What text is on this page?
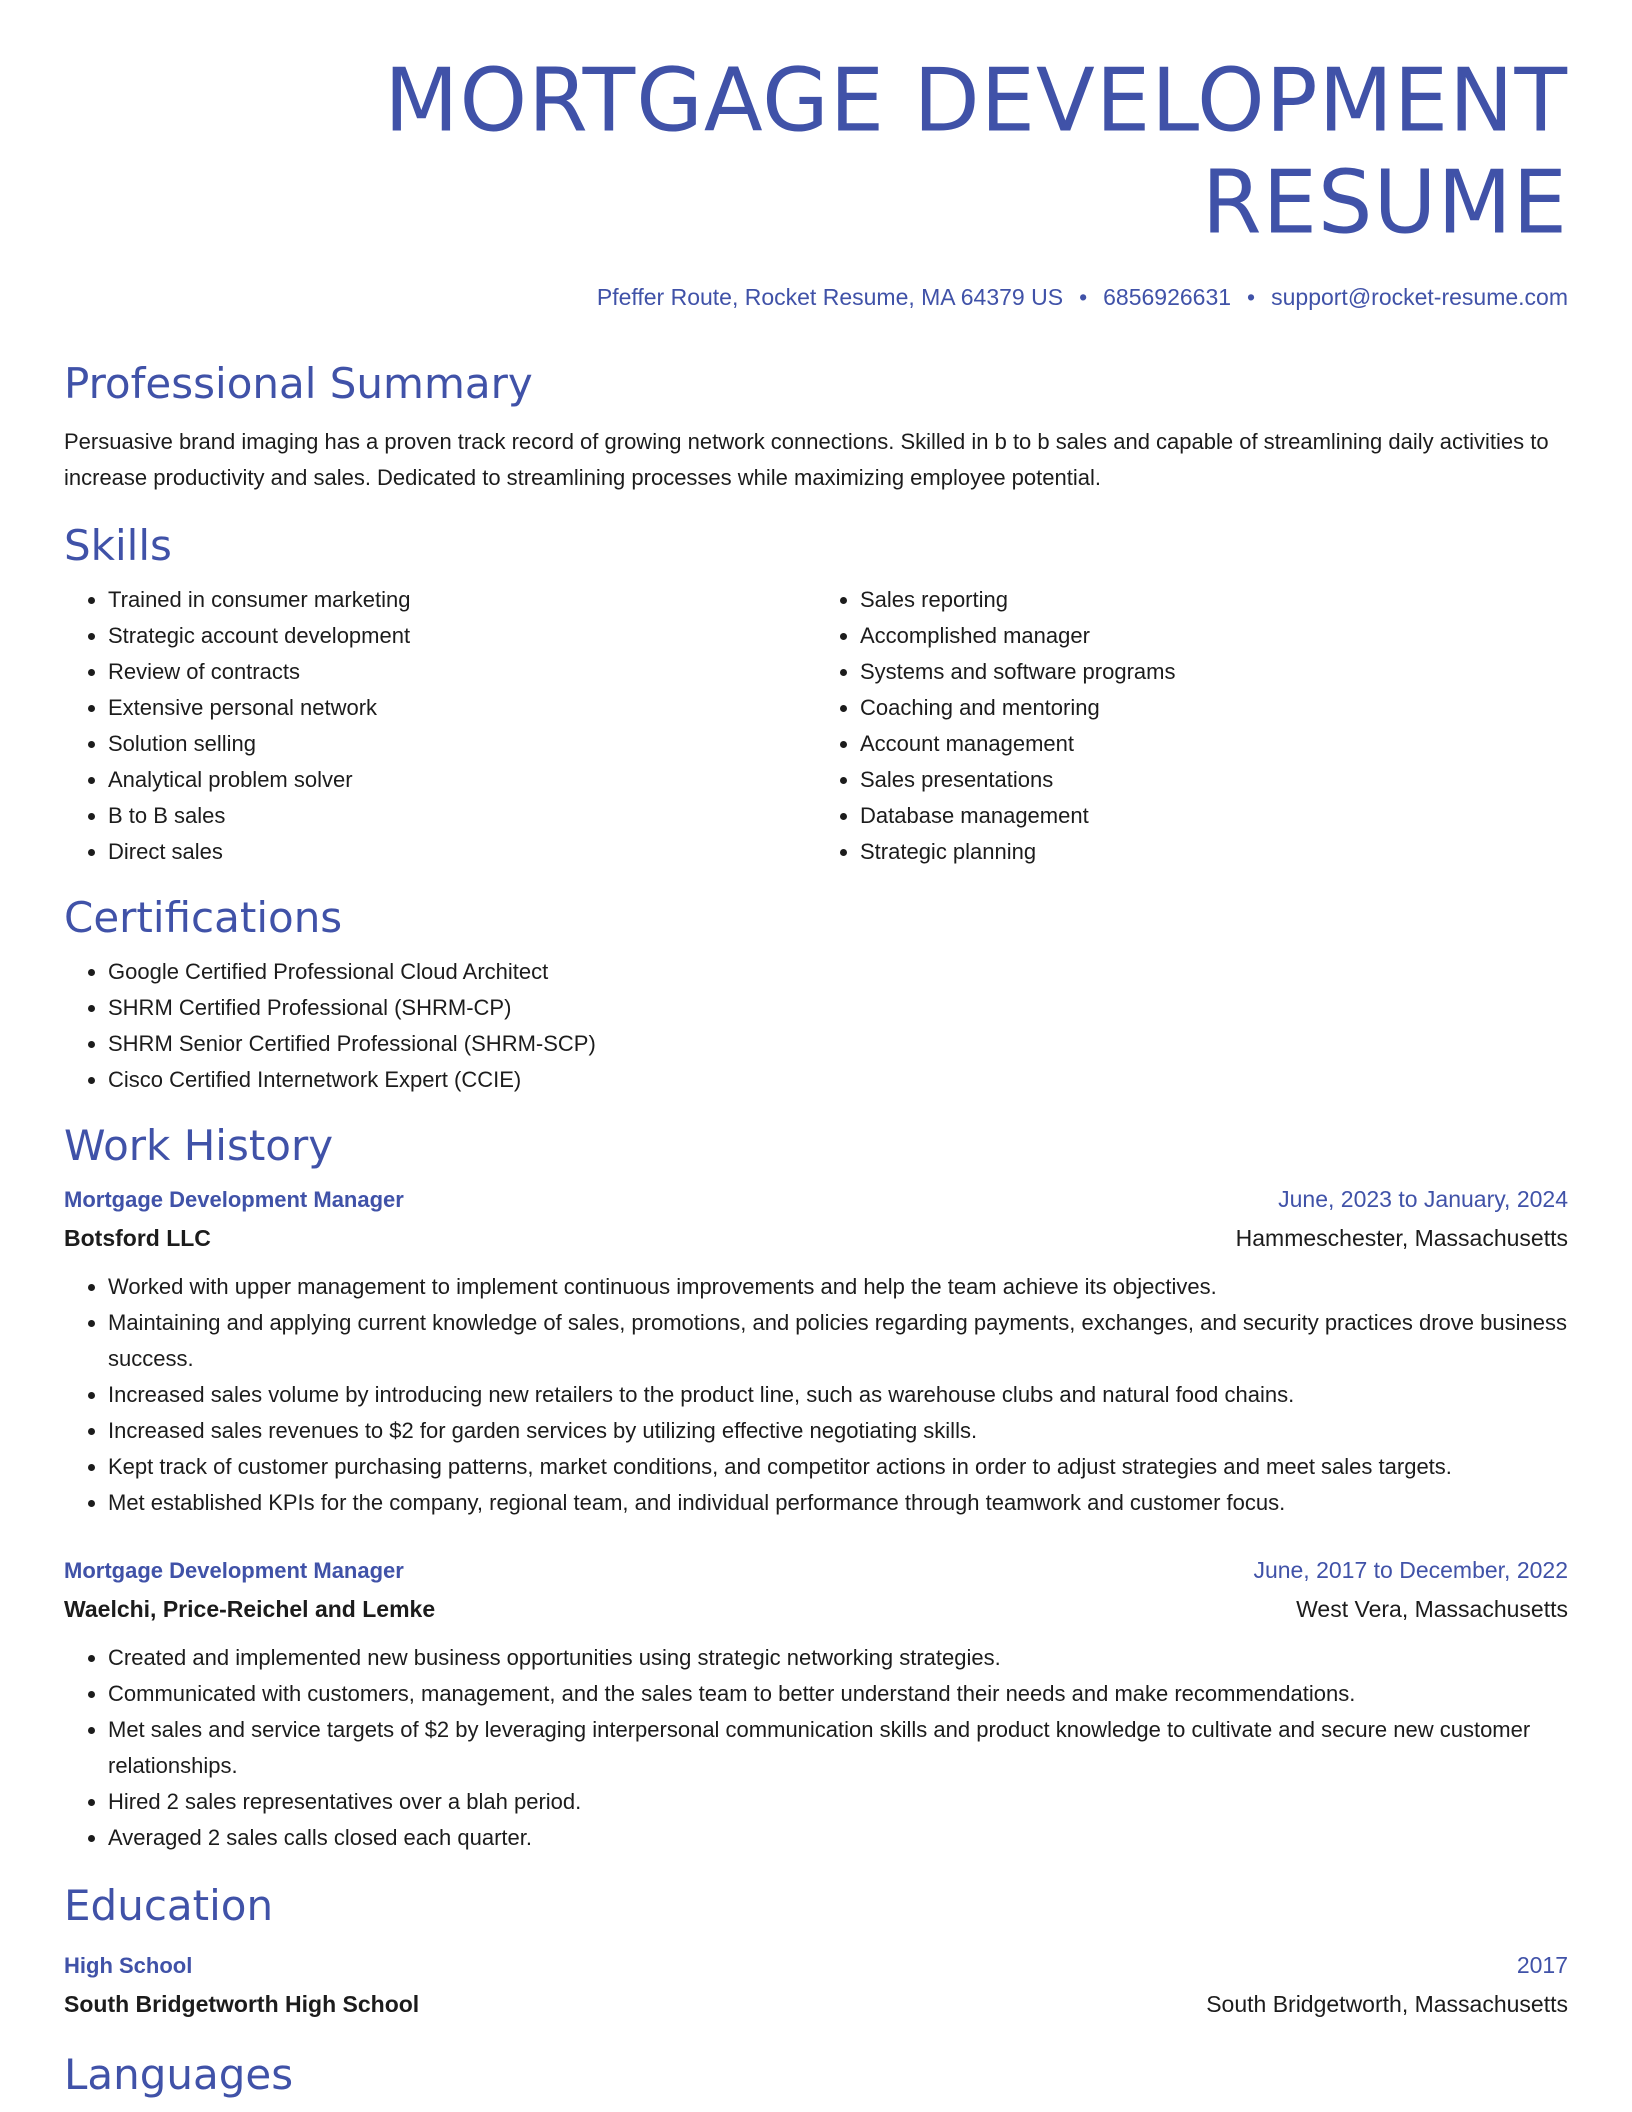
MORTGAGE DEVELOPMENT RESUME
Pfeffer Route, Rocket Resume, MA 64379 US • 6856926631 • support@rocket-resume.com
Professional Summary

Persuasive brand imaging has a proven track record of growing network connections. Skilled in b to b sales and capable of streamlining daily activities to increase productivity and sales. Dedicated to streamlining processes while maximizing employee potential.

Skills
• Trained in consumer marketing
• Strategic account development
• Review of contracts
• Extensive personal network
• Solution selling
• Analytical problem solver
• B to B sales
• Direct sales
• Sales reporting
• Accomplished manager
• Systems and software programs
• Coaching and mentoring
• Account management
• Sales presentations
• Database management
• Strategic planning
Certifications
• Google Certified Professional Cloud Architect
• SHRM Certified Professional (SHRM-CP)
• SHRM Senior Certified Professional (SHRM-SCP)
• Cisco Certified Internetwork Expert (CCIE)
Work History
Mortgage Development Manager	June, 2023 to January, 2024
Botsford LLC	Hammeschester, Massachusetts
• Worked with upper management to implement continuous improvements and help the team achieve its objectives.
• Maintaining and applying current knowledge of sales, promotions, and policies regarding payments, exchanges, and security practices drove business success.
• Increased sales volume by introducing new retailers to the product line, such as warehouse clubs and natural food chains.
• Increased sales revenues to $2 for garden services by utilizing effective negotiating skills.
• Kept track of customer purchasing patterns, market conditions, and competitor actions in order to adjust strategies and meet sales targets.
• Met established KPIs for the company, regional team, and individual performance through teamwork and customer focus.
Mortgage Development Manager	June, 2017 to December, 2022
Waelchi, Price-Reichel and Lemke	West Vera, Massachusetts
• Created and implemented new business opportunities using strategic networking strategies.
• Communicated with customers, management, and the sales team to better understand their needs and make recommendations.
• Met sales and service targets of $2 by leveraging interpersonal communication skills and product knowledge to cultivate and secure new customer relationships.
• Hired 2 sales representatives over a blah period.
• Averaged 2 sales calls closed each quarter.
Education
High School	2017
South Bridgetworth High School	South Bridgetworth, Massachusetts
Languages
